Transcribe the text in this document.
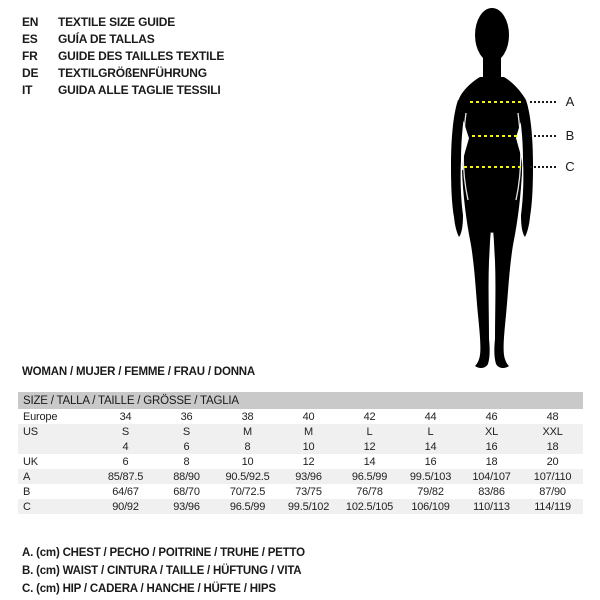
EN TEXTILE SIZE GUIDE
ES GUÍA DE TALLAS
FR GUIDE DES TAILLES TEXTILE
DE TEXTILGRÖßENFÜHRUNG
IT GUIDA ALLE TAGLIE TESSILI
A
B
C
WOMAN / MUJER / FEMME / FRAU / DONNA
SIZE / TALLA / TAILLE / GRÖSSE / TAGLIA								
Europe	34	36	38	40	42	44	46	48
US	S	S	M	M	L	L	XL	XXL
	4	6	8	10	12	14	16	18
UK	6	8	10	12	14	16	18	20
A	85/87.5	88/90	90.5/92.5	93/96	96.5/99	99.5/103	104/107	107/110
B	64/67	68/70	70/72.5	73/75	76/78	79/82	83/86	87/90
C	90/92	93/96	96.5/99	99.5/102	102.5/105	106/109	110/113	114/119
A. (cm) CHEST / PECHO / POITRINE / TRUHE / PETTO
B. (cm) WAIST / CINTURA / TAILLE / HÜFTUNG / VITA
C. (cm) HIP / CADERA / HANCHE / HÜFTE / HIPS
